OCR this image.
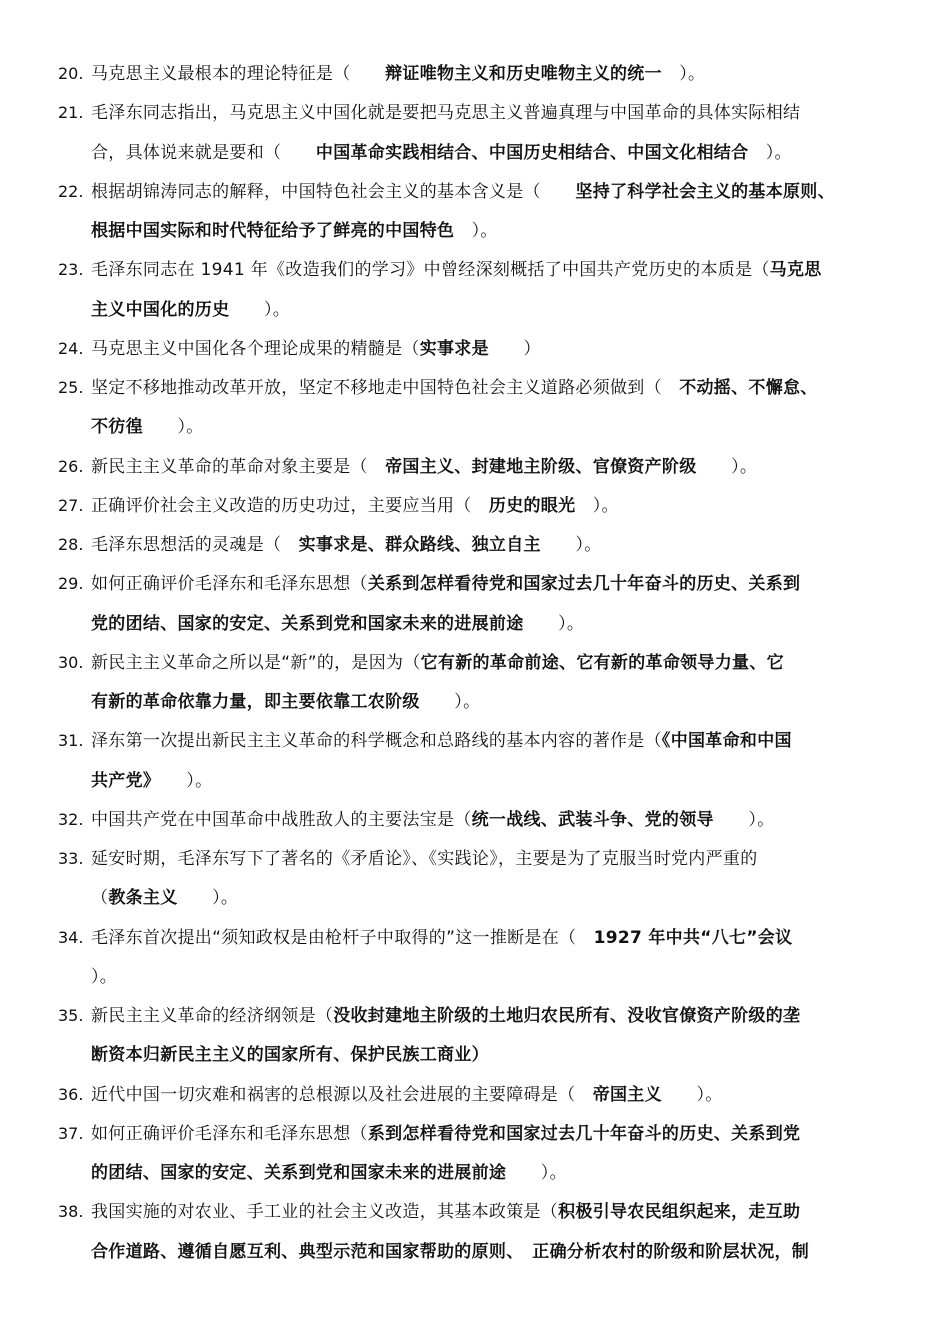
20. 马克思主义最根本的理论特征是（　　辩证唯物主义和历史唯物主义的统一　）。
21. 毛泽东同志指出，马克思主义中国化就是要把马克思主义普遍真理与中国革命的具体实际相结
合，具体说来就是要和（　　中国革命实践相结合、中国历史相结合、中国文化相结合　）。
22. 根据胡锦涛同志的解释，中国特色社会主义的基本含义是（　　坚持了科学社会主义的基本原则、
根据中国实际和时代特征给予了鲜亮的中国特色　）。
23. 毛泽东同志在 1941 年《改造我们的学习》中曾经深刻概括了中国共产党历史的本质是（马克思
主义中国化的历史　　）。
24. 马克思主义中国化各个理论成果的精髓是（实事求是　　）
25. 坚定不移地推动改革开放，坚定不移地走中国特色社会主义道路必须做到（　不动摇、不懈怠、
不彷徨　　）。
26. 新民主主义革命的革命对象主要是（　帝国主义、封建地主阶级、官僚资产阶级　　）。
27. 正确评价社会主义改造的历史功过，主要应当用（　历史的眼光　）。
28. 毛泽东思想活的灵魂是（　实事求是、群众路线、独立自主　　）。
29. 如何正确评价毛泽东和毛泽东思想（关系到怎样看待党和国家过去几十年奋斗的历史、关系到
党的团结、国家的安定、关系到党和国家未来的进展前途　　）。
30. 新民主主义革命之所以是“新”的，是因为（它有新的革命前途、它有新的革命领导力量、它
有新的革命依靠力量，即主要依靠工农阶级　　）。
31. 泽东第一次提出新民主主义革命的科学概念和总路线的基本内容的著作是（《中国革命和中国
共产党》　　）。
32. 中国共产党在中国革命中战胜敌人的主要法宝是（统一战线、武装斗争、党的领导　　）。
33. 延安时期，毛泽东写下了著名的《矛盾论》、《实践论》，主要是为了克服当时党内严重的
（教条主义　　）。
34. 毛泽东首次提出“须知政权是由枪杆子中取得的”这一推断是在（　1927 年中共“八七”会议
）。
35. 新民主主义革命的经济纲领是（没收封建地主阶级的土地归农民所有、没收官僚资产阶级的垄
断资本归新民主主义的国家所有、保护民族工商业）
36. 近代中国一切灾难和祸害的总根源以及社会进展的主要障碍是（　帝国主义　　）。
37. 如何正确评价毛泽东和毛泽东思想（系到怎样看待党和国家过去几十年奋斗的历史、关系到党
的团结、国家的安定、关系到党和国家未来的进展前途　　）。
38. 我国实施的对农业、手工业的社会主义改造，其基本政策是（积极引导农民组织起来，走互助
合作道路、遵循自愿互利、典型示范和国家帮助的原则、　正确分析农村的阶级和阶层状况，制
